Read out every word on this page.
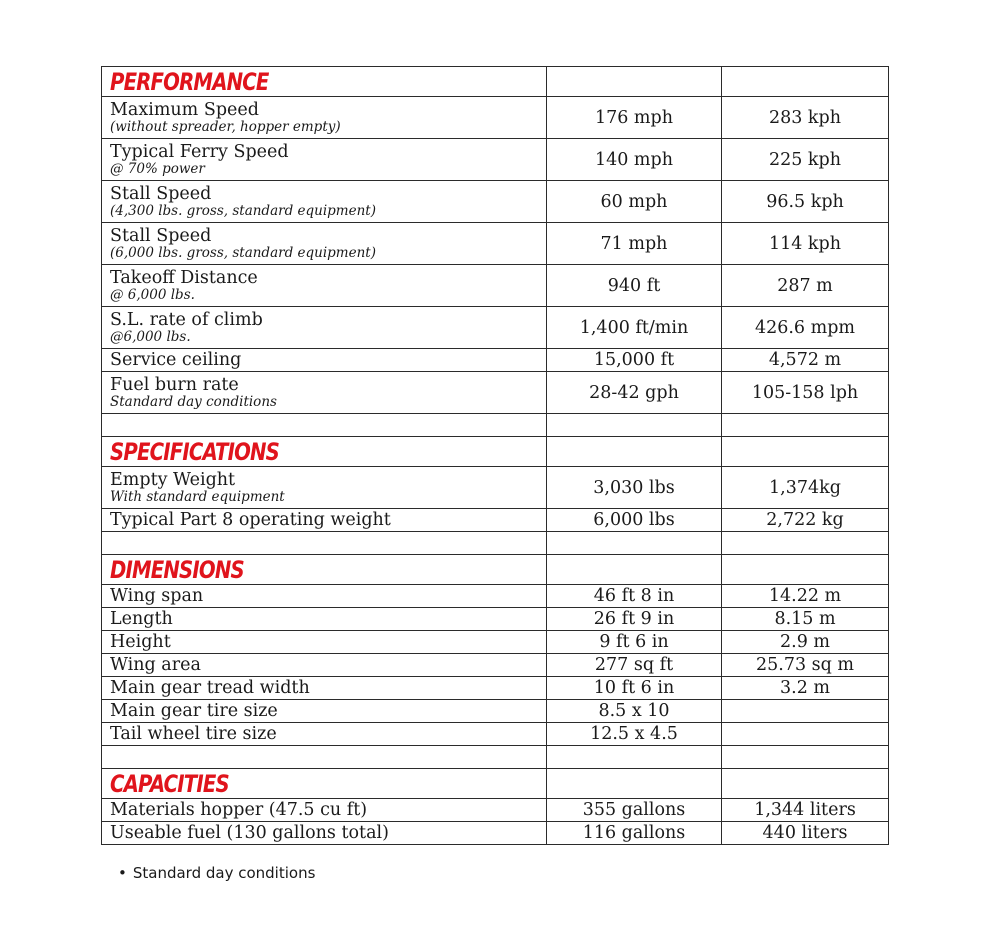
PERFORMANCE		

Maximum Speed
(without spreader, hopper empty)	176 mph	283 kph

Typical Ferry Speed
@ 70% power	140 mph	225 kph

Stall Speed
(4,300 lbs. gross, standard equipment)	60 mph	96.5 kph

Stall Speed
(6,000 lbs. gross, standard equipment)	71 mph	114 kph

Takeoff Distance
@ 6,000 lbs.	940 ft	287 m

S.L. rate of climb
@6,000 lbs.	1,400 ft/min	426.6 mpm

Service ceiling	15,000 ft	4,572 m

Fuel burn rate
Standard day conditions	28-42 gph	105-158 lph

SPECIFICATIONS		

Empty Weight
With standard equipment	3,030 lbs	1,374kg

Typical Part 8 operating weight	6,000 lbs	2,722 kg

DIMENSIONS		

Wing span	46 ft 8 in	14.22 m

Length	26 ft 9 in	8.15 m

Height	9 ft 6 in	2.9 m

Wing area	277 sq ft	25.73 sq m

Main gear tread width	10 ft 6 in	3.2 m

Main gear tire size	8.5 x 10	

Tail wheel tire size	12.5 x 4.5	

CAPACITIES		

Materials hopper (47.5 cu ft)	355 gallons	1,344 liters

Useable fuel (130 gallons total)	116 gallons	440 liters
• Standard day conditions
